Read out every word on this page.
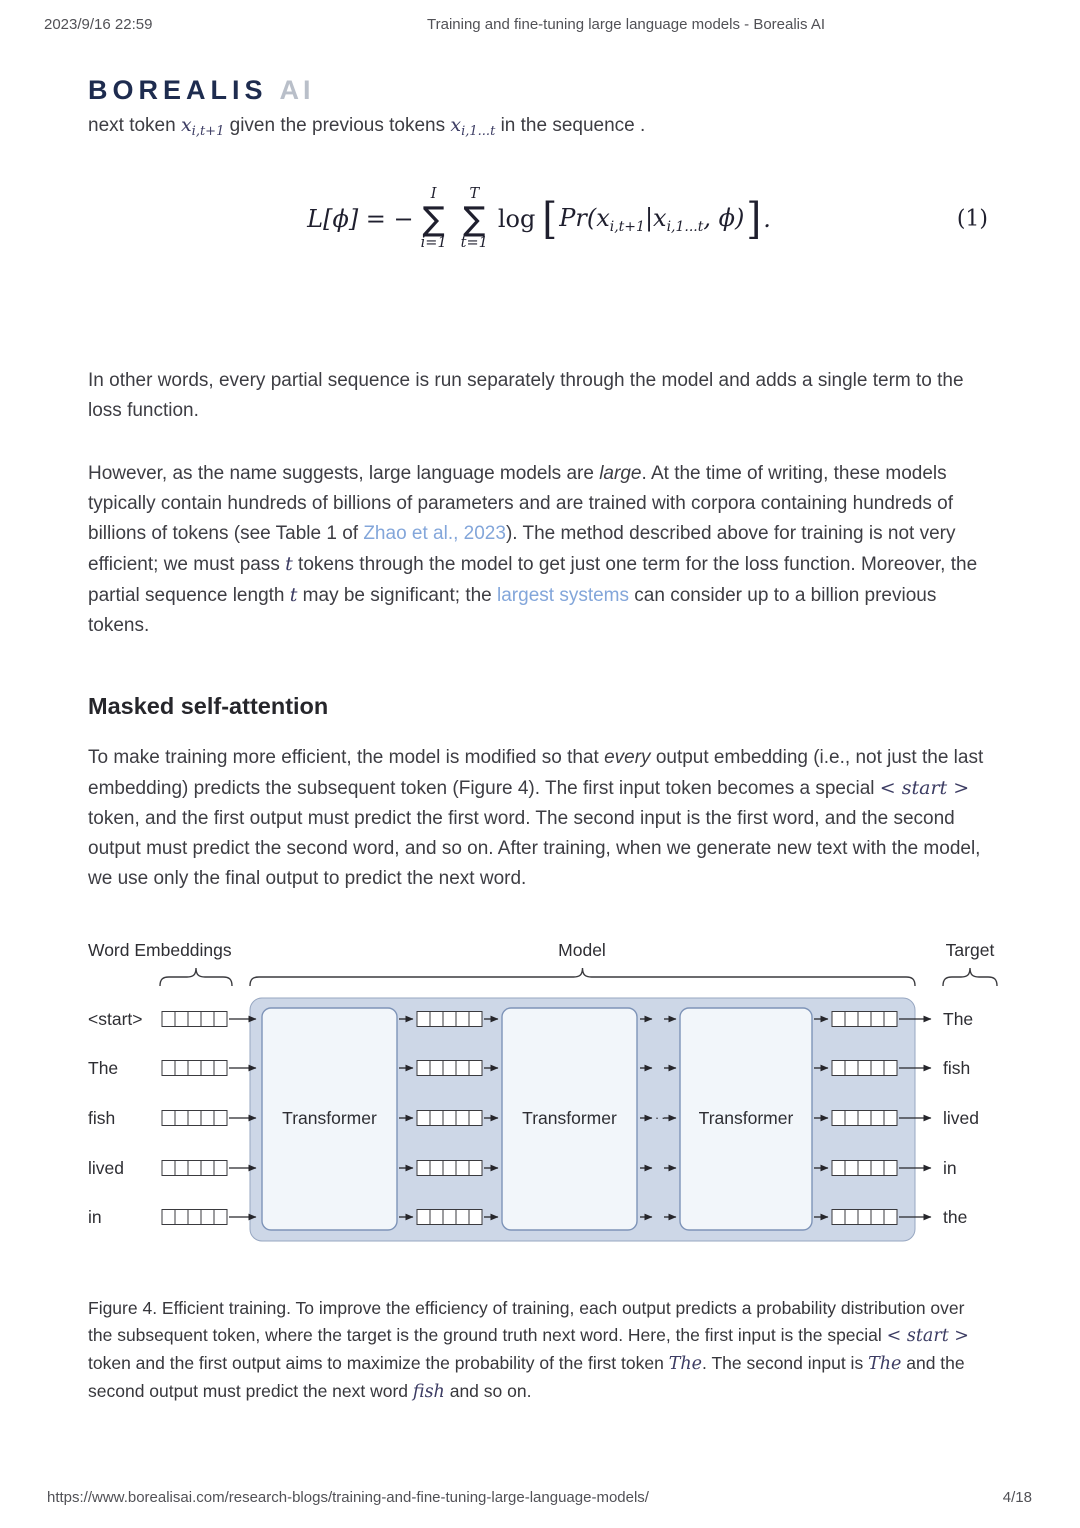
2023/9/16 22:59	Training and fine-tuning large language models - Borealis AI
BOREALIS AI
next token $x_{i,t+1}$ given the previous tokens $x_{i,1...t}$ in the sequence .
L[ϕ] = −
I
∑
i=1
T
∑
t=1
log [ $Pr(x_{i,t+1}|x_{i,1...t}$, ϕ) ] .	(1)

In other words, every partial sequence is run separately through the model and adds a single term to the loss function.

However, as the name suggests, large language models are large. At the time of writing, these models typically contain hundreds of billions of parameters and are trained with corpora containing hundreds of billions of tokens (see Table 1 of Zhao et al., 2023). The method described above for training is not very efficient; we must pass t tokens through the model to get just one term for the loss function. Moreover, the partial sequence length t may be significant; the largest systems can consider up to a billion previous tokens.

Masked self-attention

To make training more efficient, the model is modified so that every output embedding (i.e., not just the last embedding) predicts the subsequent token (Figure 4). The first input token becomes a special < start > token, and the first output must predict the first word. The second input is the first word, and the second output must predict the second word, and so on. After training, when we generate new text with the model, we use only the final output to predict the next word.

Word Embeddings	Model	Target
Transformer	Transformer	Transformer
<start>	The
The	fish
fish	···	lived
lived	in
in	the

Figure 4. Efficient training. To improve the efficiency of training, each output predicts a probability distribution over the subsequent token, where the target is the ground truth next word. Here, the first input is the special < start > token and the first output aims to maximize the probability of the first token The. The second input is The and the second output must predict the next word fish and so on.

https://www.borealisai.com/research-blogs/training-and-fine-tuning-large-language-models/	4/18
